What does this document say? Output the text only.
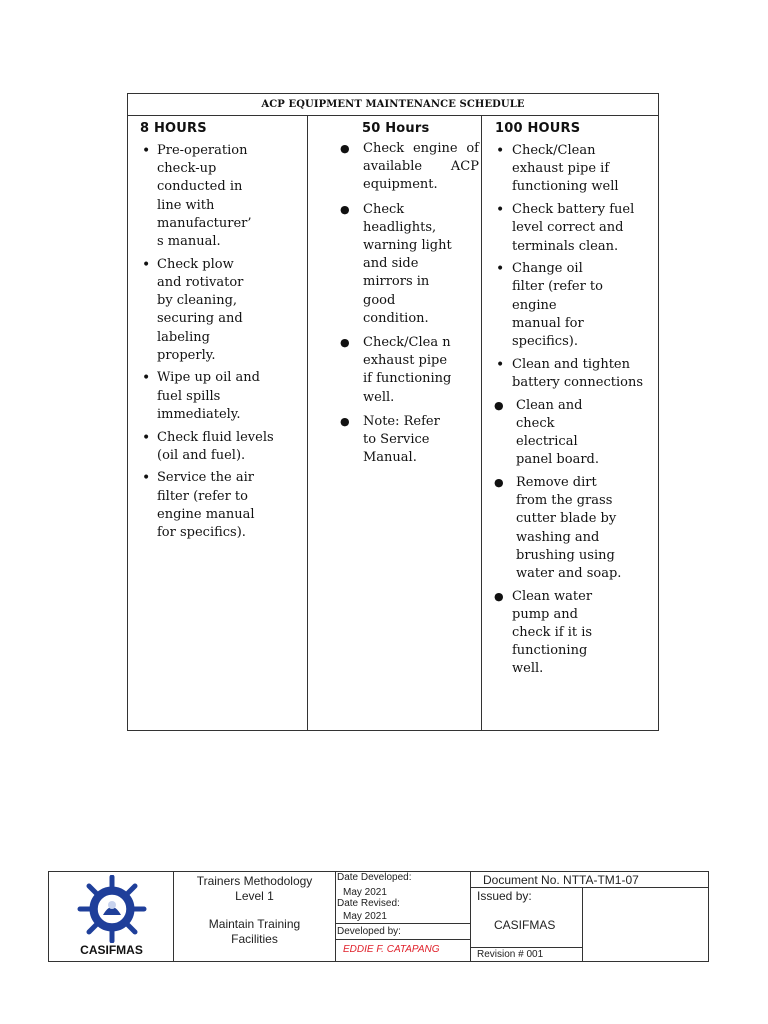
ACP EQUIPMENT MAINTENANCE SCHEDULE
8 HOURS
• Pre-operation check-up conducted in line with manufacturer’ s manual.
• Check plow and rotivator by cleaning, securing and labeling properly.
• Wipe up oil and fuel spills immediately.
• Check fluid levels (oil and fuel).
• Service the air filter (refer to engine manual for specifics).
50 Hours
● Check engine of available ACP equipment.
● Check headlights, warning light and side mirrors in good condition.
● Check/Clea n exhaust pipe if functioning well.
● Note: Refer to Service Manual.
100 HOURS
• Check/Clean exhaust pipe if functioning well
• Check battery fuel level correct and terminals clean.
• Change oil filter (refer to engine manual for specifics).
• Clean and tighten battery connections
● Clean and check electrical panel board.
● Remove dirt from the grass cutter blade by washing and brushing using water and soap.
● Clean water pump and check if it is functioning well.
CASIFMAS
Trainers Methodology
Level 1
Maintain Training
Facilities
Date Developed:
May 2021
Date Revised:
May 2021
Developed by:
EDDIE F. CATAPANG
Document No. NTTA-TM1-07
Issued by:
CASIFMAS
Revision # 001
